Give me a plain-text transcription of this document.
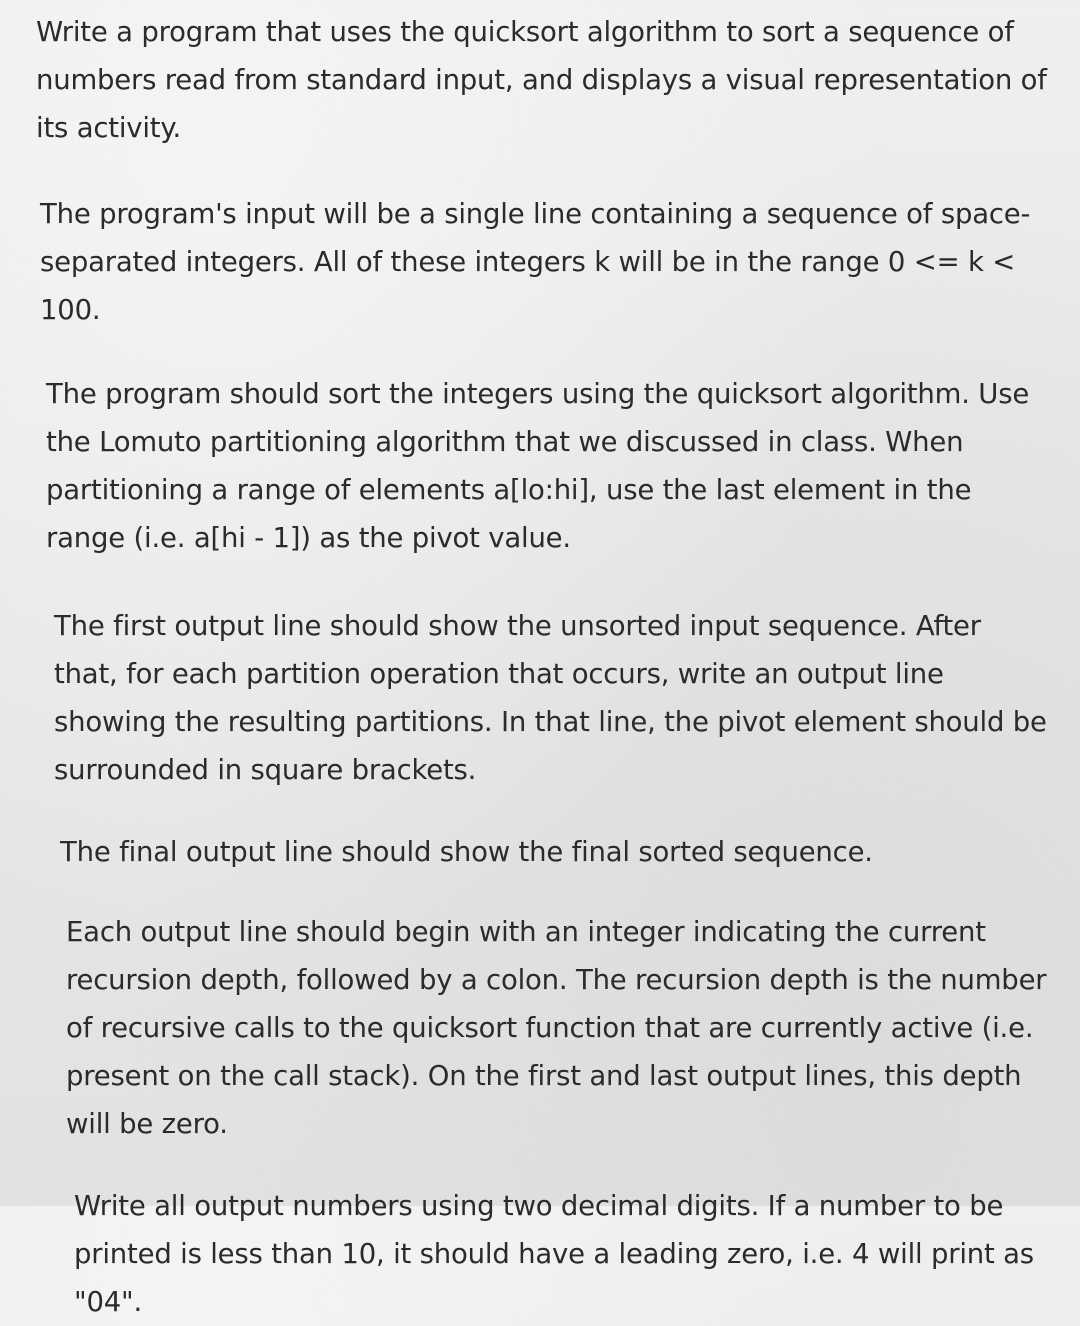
Write a program that uses the quicksort algorithm to sort a sequence of numbers read from standard input, and displays a visual representation of its activity.

The program's input will be a single line containing a sequence of space-separated integers. All of these integers k will be in the range 0 <= k < 100.

The program should sort the integers using the quicksort algorithm. Use the Lomuto partitioning algorithm that we discussed in class. When partitioning a range of elements a[lo:hi], use the last element in the range (i.e. a[hi - 1]) as the pivot value.

The first output line should show the unsorted input sequence. After that, for each partition operation that occurs, write an output line showing the resulting partitions. In that line, the pivot element should be surrounded in square brackets.

The final output line should show the final sorted sequence.

Each output line should begin with an integer indicating the current recursion depth, followed by a colon. The recursion depth is the number of recursive calls to the quicksort function that are currently active (i.e. present on the call stack). On the first and last output lines, this depth will be zero.

Write all output numbers using two decimal digits. If a number to be printed is less than 10, it should have a leading zero, i.e. 4 will print as "04".
